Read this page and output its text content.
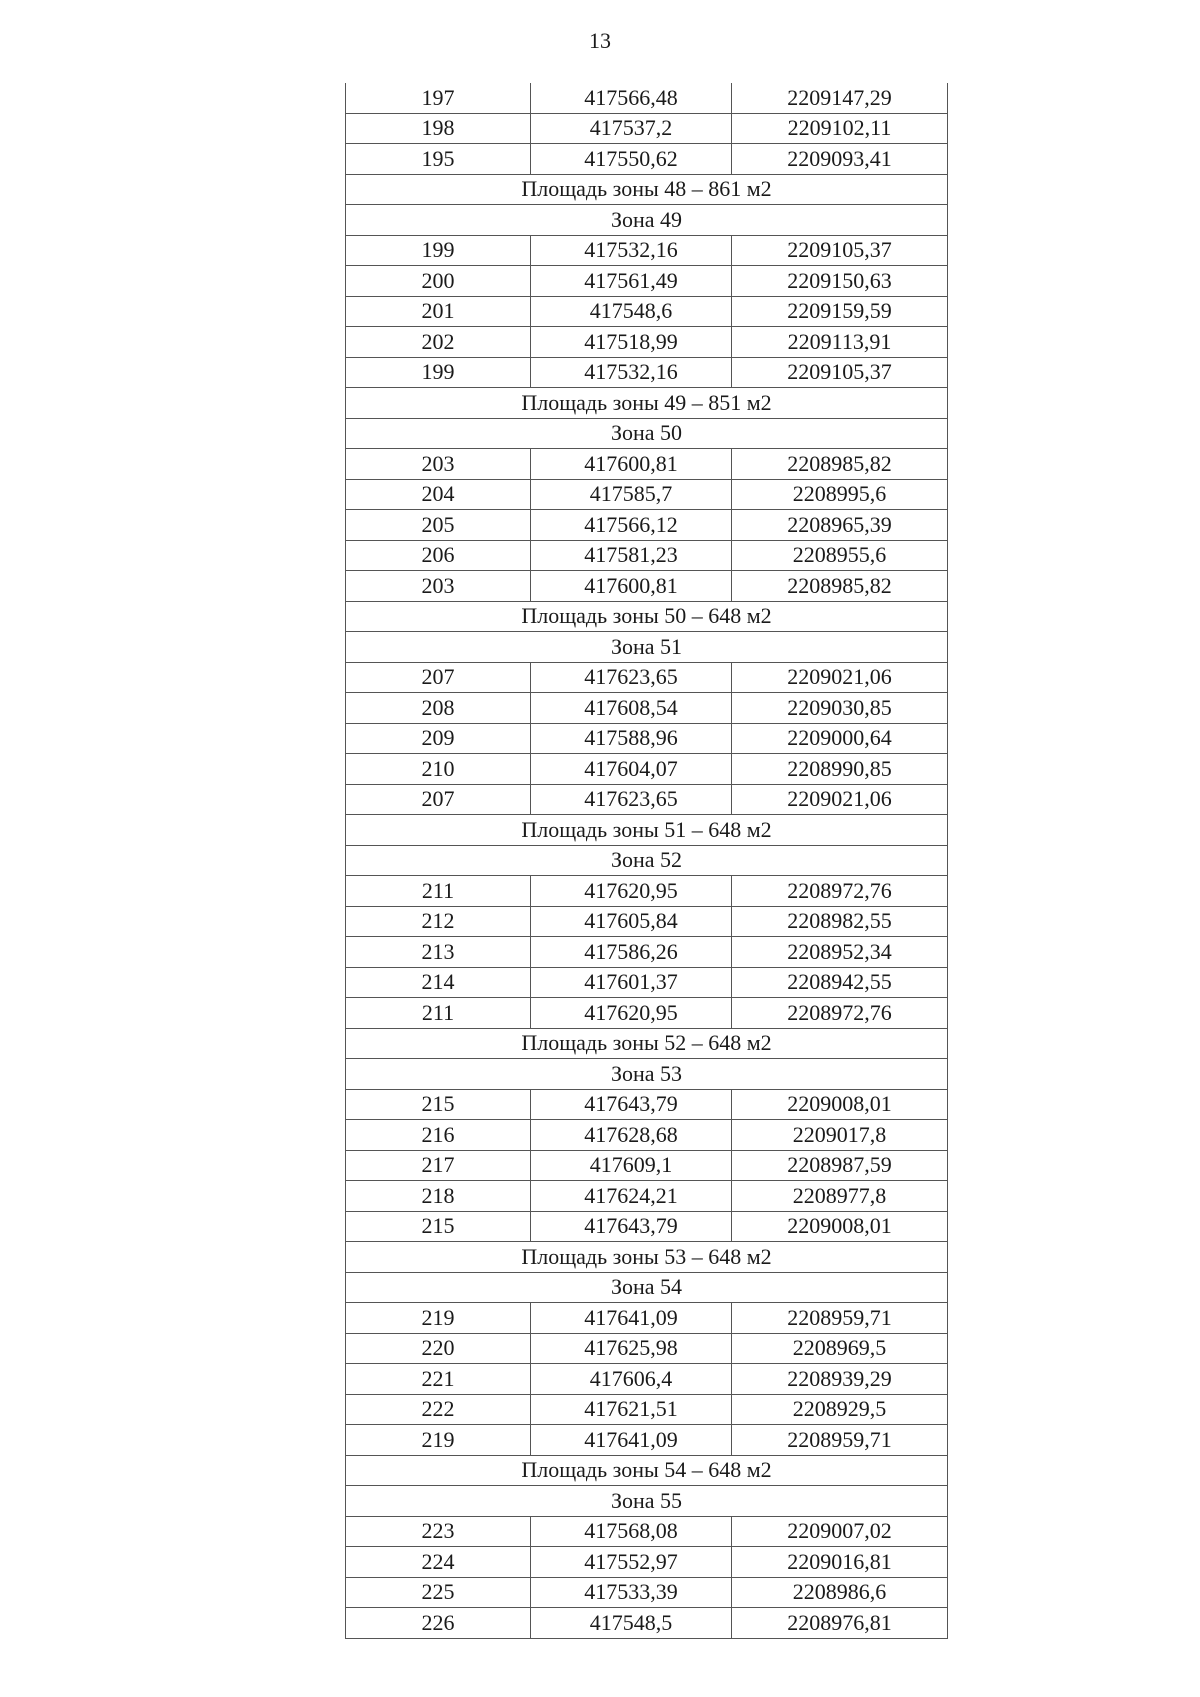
13
197	417566,48	2209147,29
198	417537,2	2209102,11
195	417550,62	2209093,41
Площадь зоны 48 – 861 м2		
Зона 49		
199	417532,16	2209105,37
200	417561,49	2209150,63
201	417548,6	2209159,59
202	417518,99	2209113,91
199	417532,16	2209105,37
Площадь зоны 49 – 851 м2		
Зона 50		
203	417600,81	2208985,82
204	417585,7	2208995,6
205	417566,12	2208965,39
206	417581,23	2208955,6
203	417600,81	2208985,82
Площадь зоны 50 – 648 м2		
Зона 51		
207	417623,65	2209021,06
208	417608,54	2209030,85
209	417588,96	2209000,64
210	417604,07	2208990,85
207	417623,65	2209021,06
Площадь зоны 51 – 648 м2		
Зона 52		
211	417620,95	2208972,76
212	417605,84	2208982,55
213	417586,26	2208952,34
214	417601,37	2208942,55
211	417620,95	2208972,76
Площадь зоны 52 – 648 м2		
Зона 53		
215	417643,79	2209008,01
216	417628,68	2209017,8
217	417609,1	2208987,59
218	417624,21	2208977,8
215	417643,79	2209008,01
Площадь зоны 53 – 648 м2		
Зона 54		
219	417641,09	2208959,71
220	417625,98	2208969,5
221	417606,4	2208939,29
222	417621,51	2208929,5
219	417641,09	2208959,71
Площадь зоны 54 – 648 м2		
Зона 55		
223	417568,08	2209007,02
224	417552,97	2209016,81
225	417533,39	2208986,6
226	417548,5	2208976,81
